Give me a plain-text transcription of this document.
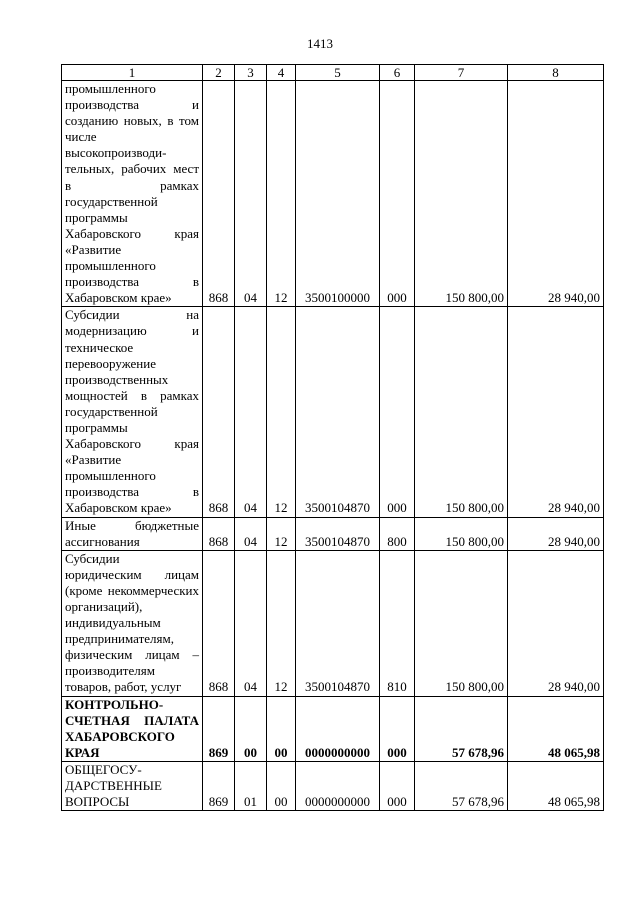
1413
1	2	3	4	5	6	7	8

промышленного производства и созданию новых, в том числе высокопроизводи-тельных, рабочих мест в рамках государственной программы Хабаровского края «Развитие промышленного производства в Хабаровском крае»	868	04	12	3500100000	000	150 800,00	28 940,00

Субсидии на модернизацию и техническое перевооружение производственных мощностей в рамках государственной программы Хабаровского края «Развитие промышленного производства в Хабаровском крае»	868	04	12	3500104870	000	150 800,00	28 940,00

Иные бюджетные ассигнования	868	04	12	3500104870	800	150 800,00	28 940,00

Субсидии юридическим лицам (кроме некоммерческих организаций), индивидуальным предпринимателям, физическим лицам – производителям товаров, работ, услуг	868	04	12	3500104870	810	150 800,00	28 940,00

КОНТРОЛЬНО-СЧЕТНАЯ ПАЛАТА ХАБАРОВСКОГО КРАЯ	869	00	00	0000000000	000	57 678,96	48 065,98

ОБЩЕГОСУ-ДАРСТВЕННЫЕ ВОПРОСЫ	869	01	00	0000000000	000	57 678,96	48 065,98
